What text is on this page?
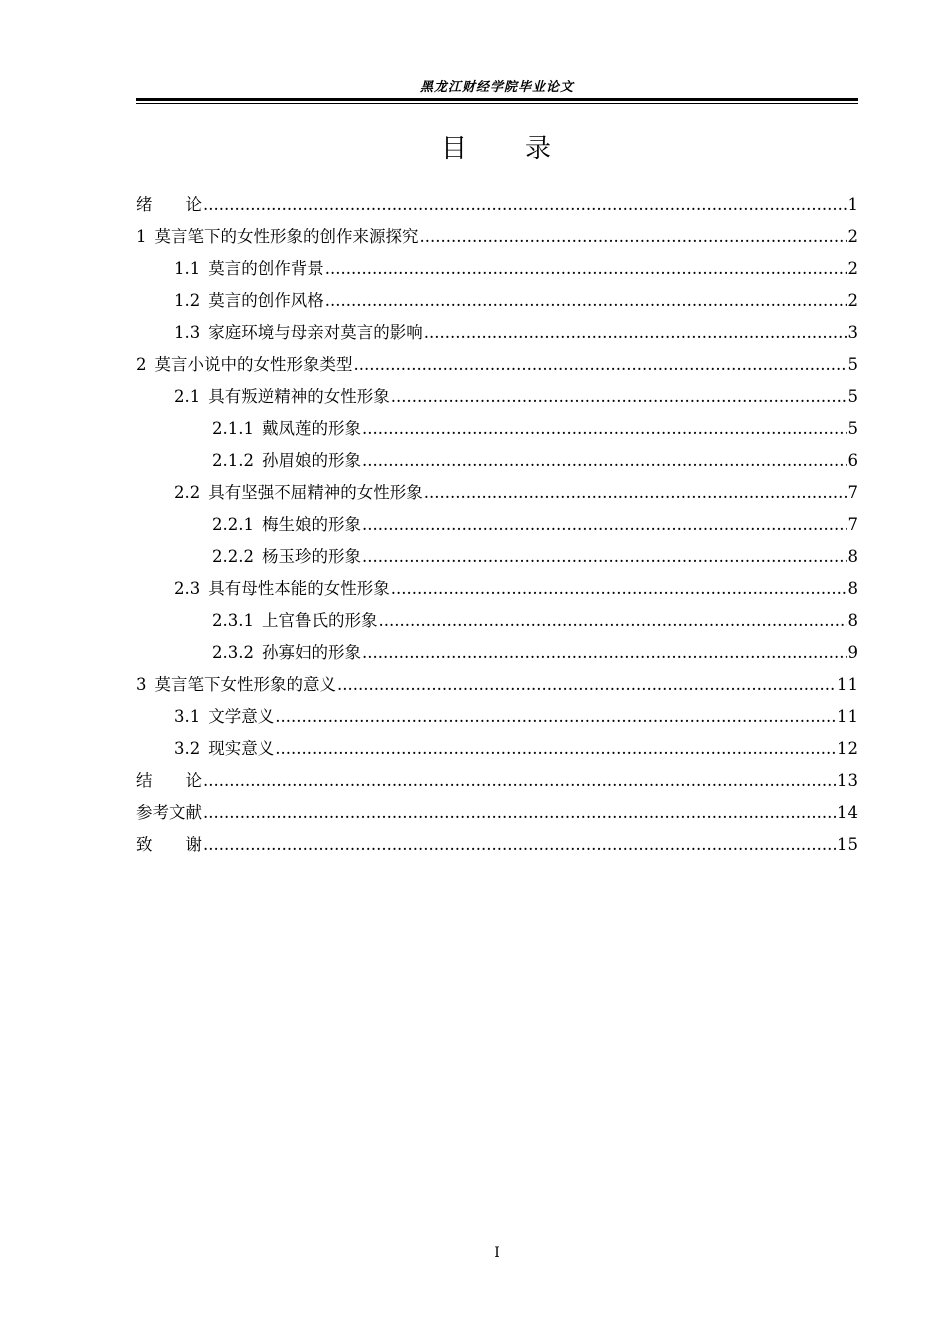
黑龙江财经学院毕业论文
目　　录
绪　　论 .....	1
1 莫言笔下的女性形象的创作来源探究 .....	2
1.1 莫言的创作背景 .....	2
1.2 莫言的创作风格 .....	2
1.3 家庭环境与母亲对莫言的影响 .....	3
2 莫言小说中的女性形象类型 .....	5
2.1 具有叛逆精神的女性形象 .....	5
2.1.1 戴凤莲的形象 .....	5
2.1.2 孙眉娘的形象 .....	6
2.2 具有坚强不屈精神的女性形象 .....	7
2.2.1 梅生娘的形象 .....	7
2.2.2 杨玉珍的形象 .....	8
2.3 具有母性本能的女性形象 .....	8
2.3.1 上官鲁氏的形象 .....	8
2.3.2 孙寡妇的形象 .....	9
3 莫言笔下女性形象的意义 .....	11
3.1 文学意义 .....	11
3.2 现实意义 .....	12
结　　论 .....	13
参考文献 .....	14
致　　谢 .....	15
I
